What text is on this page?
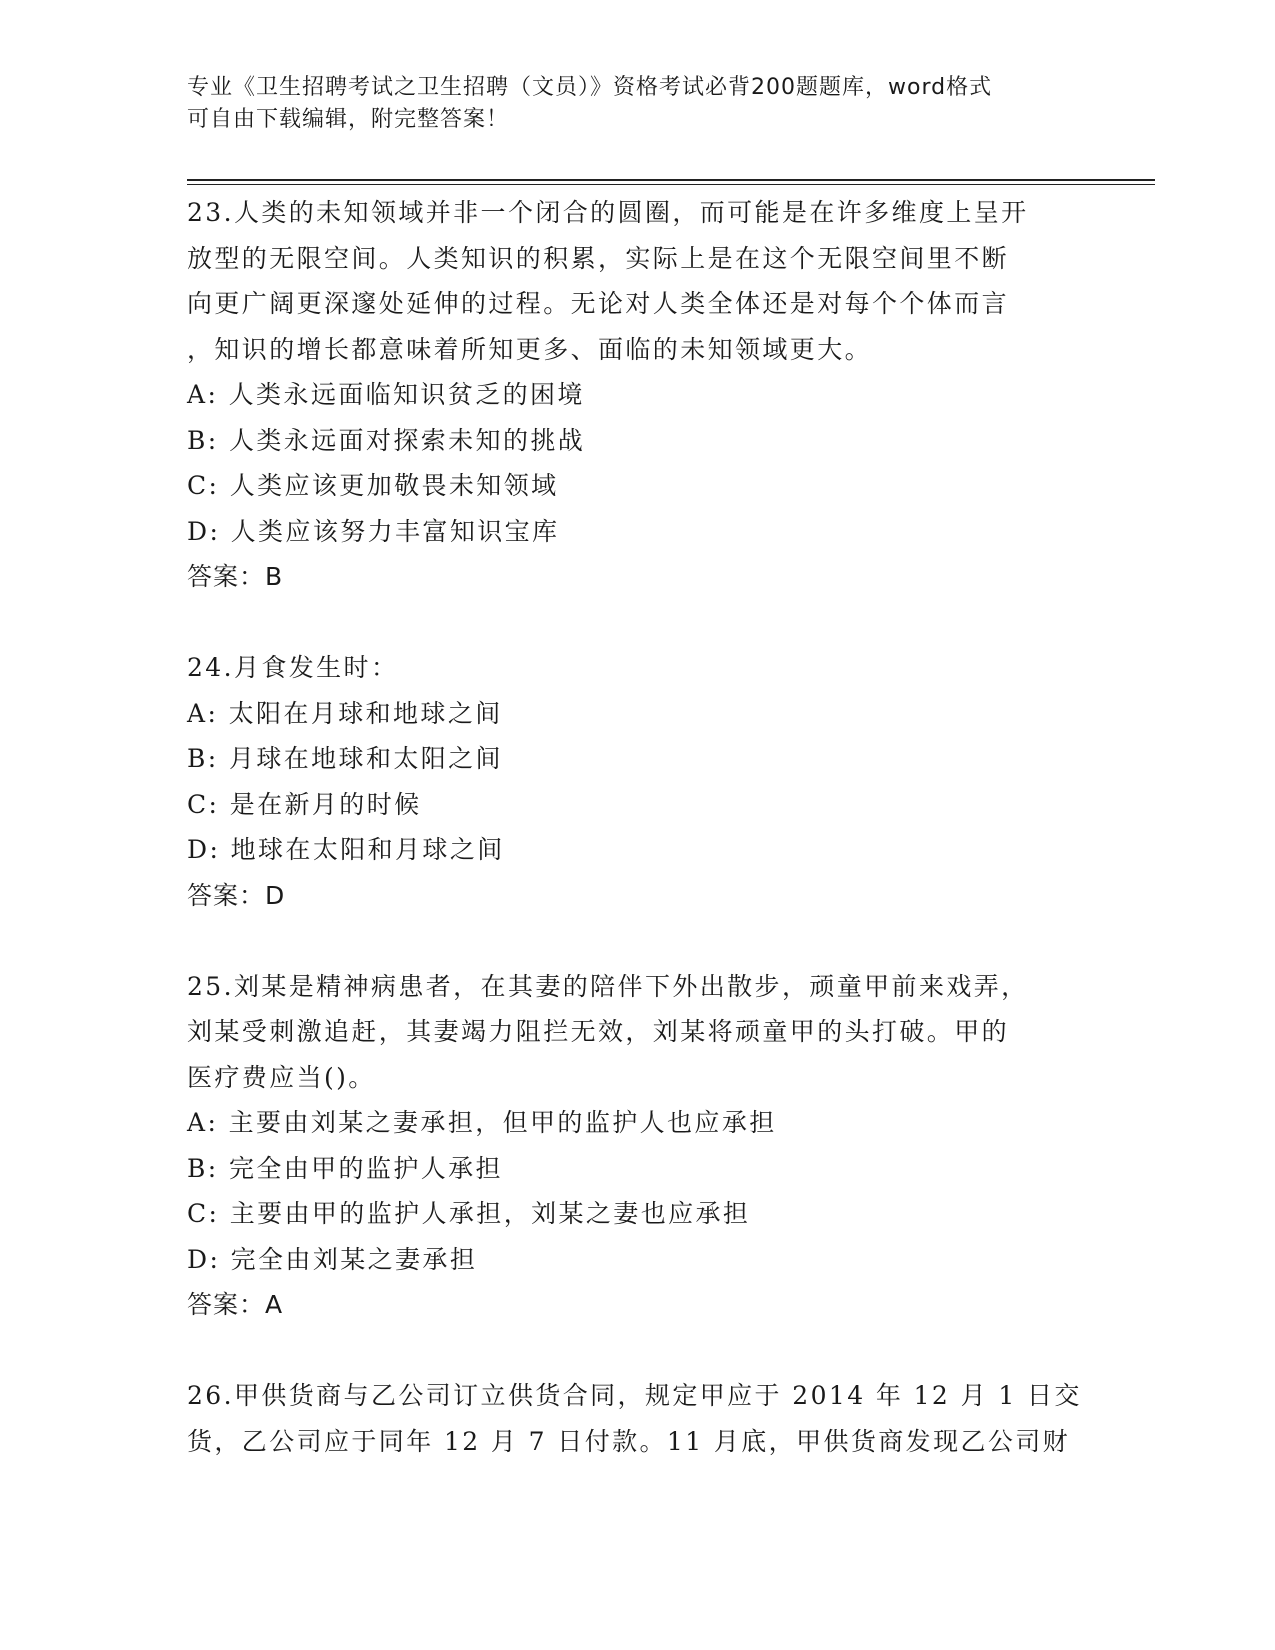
专业《卫生招聘考试之卫生招聘（文员）》资格考试必背200题题库，word格式
可自由下载编辑，附完整答案！

23.人类的未知领域并非一个闭合的圆圈，而可能是在许多维度上呈开

放型的无限空间。人类知识的积累，实际上是在这个无限空间里不断

向更广阔更深邃处延伸的过程。无论对人类全体还是对每个个体而言

，知识的增长都意味着所知更多、面临的未知领域更大。

A: 人类永远面临知识贫乏的困境

B: 人类永远面对探索未知的挑战

C: 人类应该更加敬畏未知领域

D: 人类应该努力丰富知识宝库

答案：B

24.月食发生时：

A: 太阳在月球和地球之间

B: 月球在地球和太阳之间

C: 是在新月的时候

D: 地球在太阳和月球之间

答案：D

25.刘某是精神病患者，在其妻的陪伴下外出散步，顽童甲前来戏弄，

刘某受刺激追赶，其妻竭力阻拦无效，刘某将顽童甲的头打破。甲的

医疗费应当()。

A: 主要由刘某之妻承担，但甲的监护人也应承担

B: 完全由甲的监护人承担

C: 主要由甲的监护人承担，刘某之妻也应承担

D: 完全由刘某之妻承担

答案：A

26.甲供货商与乙公司订立供货合同，规定甲应于 2014 年 12 月 1 日交

货，乙公司应于同年 12 月 7 日付款。11 月底，甲供货商发现乙公司财
